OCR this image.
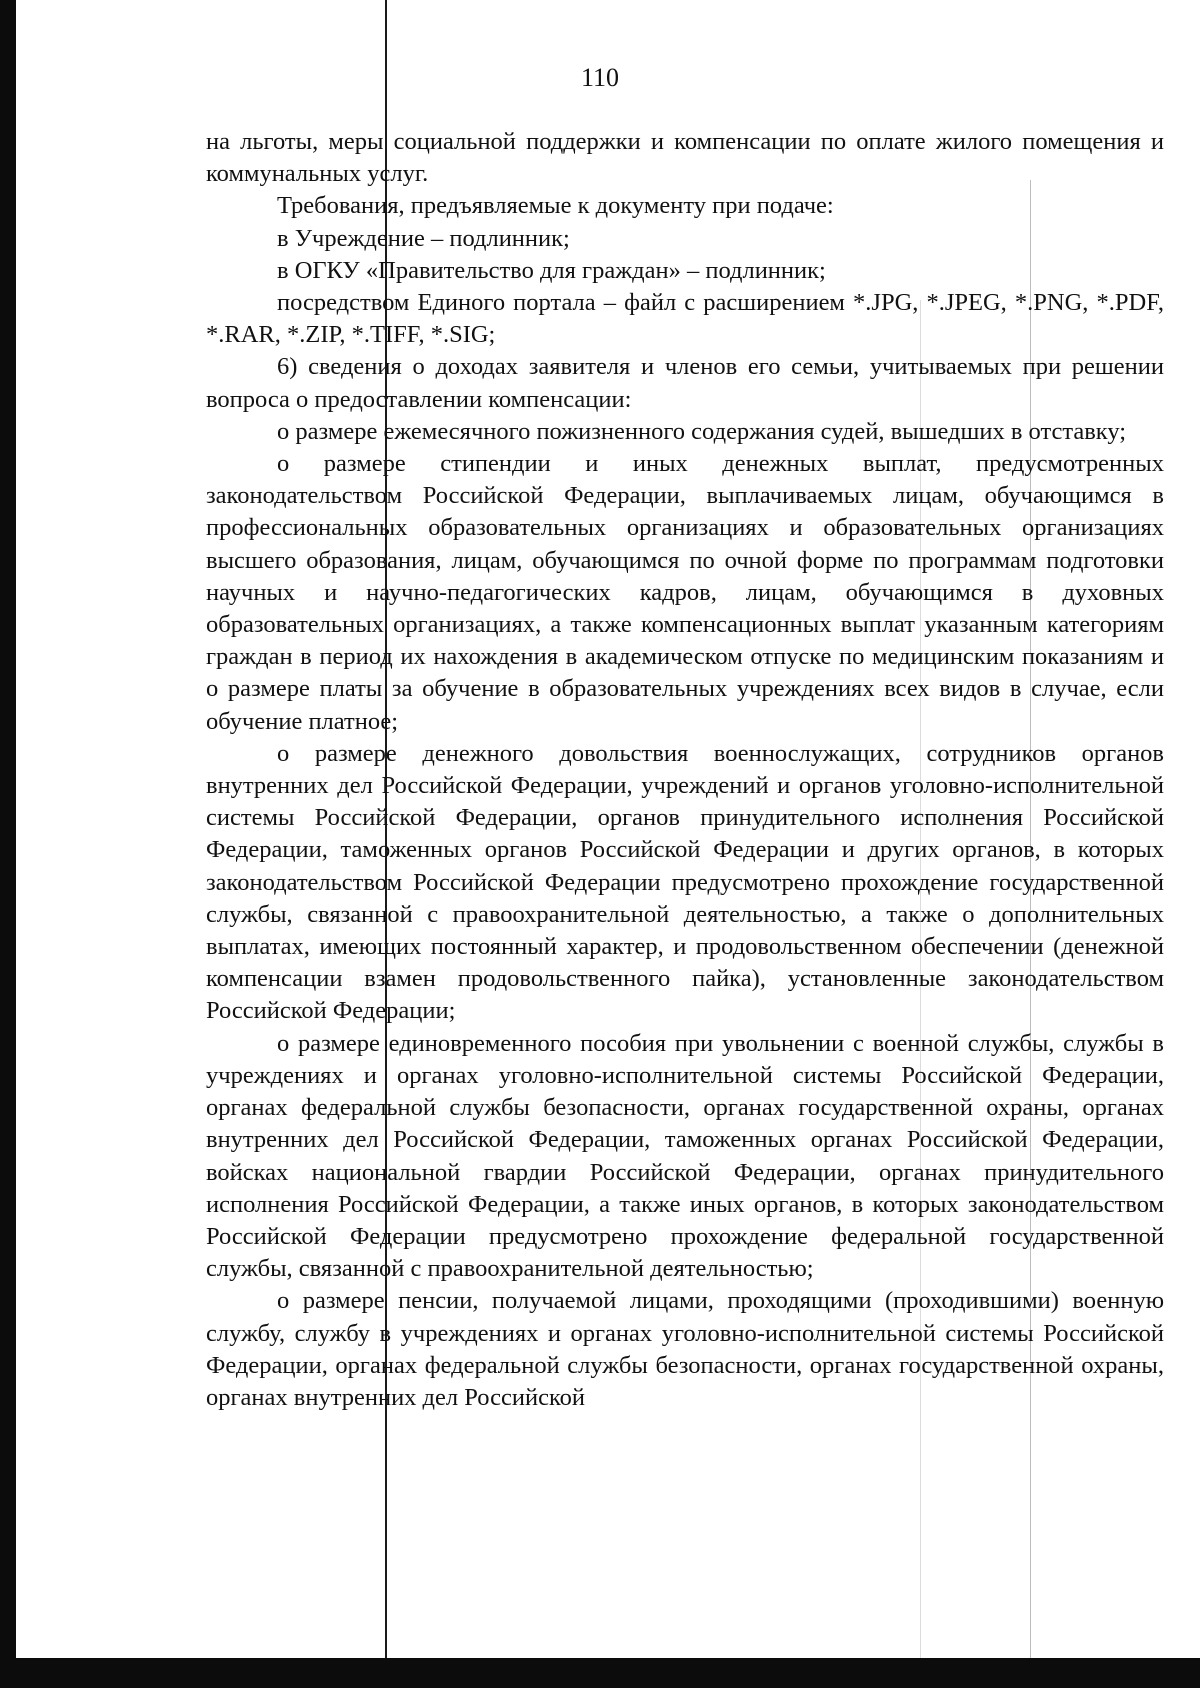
110

на льготы, меры социальной поддержки и компенсации по оплате жилого помещения и коммунальных услуг.

Требования, предъявляемые к документу при подаче:

в Учреждение – подлинник;

в ОГКУ «Правительство для граждан» – подлинник;

посредством Единого портала – файл с расширением *.JPG, *.JPEG, *.PNG, *.PDF, *.RAR, *.ZIP, *.TIFF, *.SIG;

6) сведения о доходах заявителя и членов его семьи, учитываемых при решении вопроса о предоставлении компенсации:

о размере ежемесячного пожизненного содержания судей, вышедших в отставку;

о размере стипендии и иных денежных выплат, предусмотренных законодательством Российской Федерации, выплачиваемых лицам, обучающимся в профессиональных образовательных организациях и образовательных организациях высшего образования, лицам, обучающимся по очной форме по программам подготовки научных и научно-педагогических кадров, лицам, обучающимся в духовных образовательных организациях, а также компенсационных выплат указанным категориям граждан в период их нахождения в академическом отпуске по медицинским показаниям и о размере платы за обучение в образовательных учреждениях всех видов в случае, если обучение платное;

о размере денежного довольствия военнослужащих, сотрудников органов внутренних дел Российской Федерации, учреждений и органов уголовно-исполнительной системы Российской Федерации, органов принудительного исполнения Российской Федерации, таможенных органов Российской Федерации и других органов, в которых законодательством Российской Федерации предусмотрено прохождение государственной службы, связанной с правоохранительной деятельностью, а также о дополнительных выплатах, имеющих постоянный характер, и продовольственном обеспечении (денежной компенсации взамен продовольственного пайка), установленные законодательством Российской Федерации;

о размере единовременного пособия при увольнении с военной службы, службы в учреждениях и органах уголовно-исполнительной системы Российской Федерации, органах федеральной службы безопасности, органах государственной охраны, органах внутренних дел Российской Федерации, таможенных органах Российской Федерации, войсках национальной гвардии Российской Федерации, органах принудительного исполнения Российской Федерации, а также иных органов, в которых законодательством Российской Федерации предусмотрено прохождение федеральной государственной службы, связанной с правоохранительной деятельностью;

о размере пенсии, получаемой лицами, проходящими (проходившими) военную службу, службу в учреждениях и органах уголовно-исполнительной системы Российской Федерации, органах федеральной службы безопасности, органах государственной охраны, органах внутренних дел Российской
